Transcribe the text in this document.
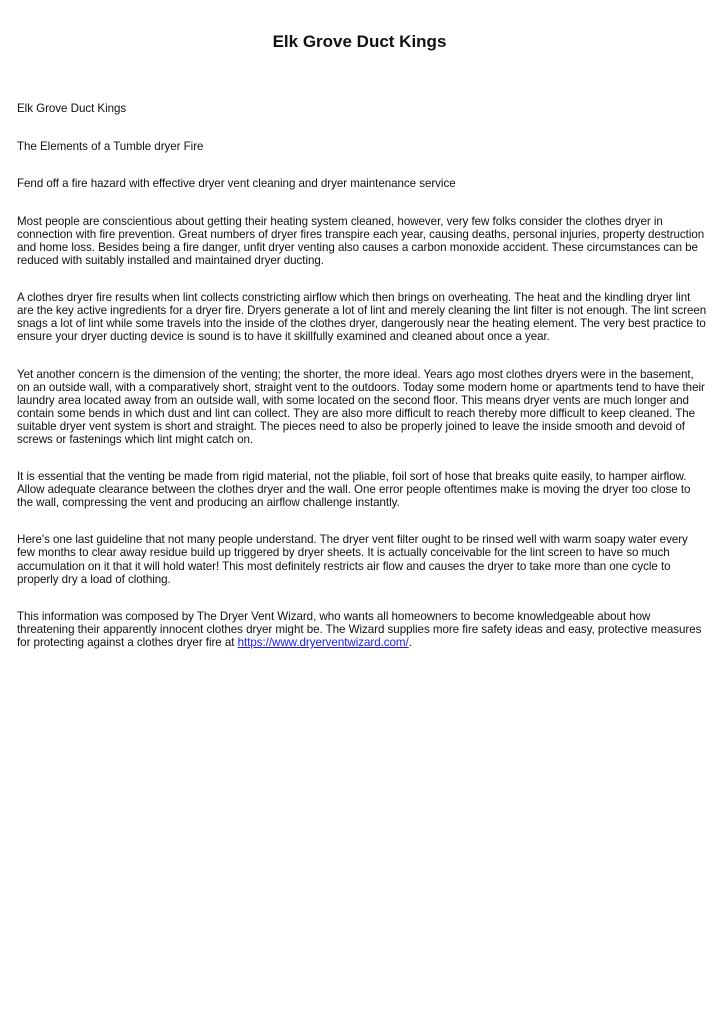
Elk Grove Duct Kings

Elk Grove Duct Kings

The Elements of a Tumble dryer Fire

Fend off a fire hazard with effective dryer vent cleaning and dryer maintenance service

Most people are conscientious about getting their heating system cleaned, however, very few folks consider the clothes dryer in connection with fire prevention. Great numbers of dryer fires transpire each year, causing deaths, personal injuries, property destruction and home loss. Besides being a fire danger, unfit dryer venting also causes a carbon monoxide accident. These circumstances can be reduced with suitably installed and maintained dryer ducting.

A clothes dryer fire results when lint collects constricting airflow which then brings on overheating. The heat and the kindling dryer lint are the key active ingredients for a dryer fire. Dryers generate a lot of lint and merely cleaning the lint filter is not enough. The lint screen snags a lot of lint while some travels into the inside of the clothes dryer, dangerously near the heating element. The very best practice to ensure your dryer ducting device is sound is to have it skillfully examined and cleaned about once a year.

Yet another concern is the dimension of the venting; the shorter, the more ideal. Years ago most clothes dryers were in the basement, on an outside wall, with a comparatively short, straight vent to the outdoors. Today some modern home or apartments tend to have their laundry area located away from an outside wall, with some located on the second floor. This means dryer vents are much longer and contain some bends in which dust and lint can collect. They are also more difficult to reach thereby more difficult to keep cleaned. The suitable dryer vent system is short and straight. The pieces need to also be properly joined to leave the inside smooth and devoid of screws or fastenings which lint might catch on.

It is essential that the venting be made from rigid material, not the pliable, foil sort of hose that breaks quite easily, to hamper airflow. Allow adequate clearance between the clothes dryer and the wall. One error people oftentimes make is moving the dryer too close to the wall, compressing the vent and producing an airflow challenge instantly.

Here's one last guideline that not many people understand. The dryer vent filter ought to be rinsed well with warm soapy water every few months to clear away residue build up triggered by dryer sheets. It is actually conceivable for the lint screen to have so much accumulation on it that it will hold water! This most definitely restricts air flow and causes the dryer to take more than one cycle to properly dry a load of clothing.

This information was composed by The Dryer Vent Wizard, who wants all homeowners to become knowledgeable about how threatening their apparently innocent clothes dryer might be. The Wizard supplies more fire safety ideas and easy, protective measures for protecting against a clothes dryer fire at https://www.dryerventwizard.com/.
